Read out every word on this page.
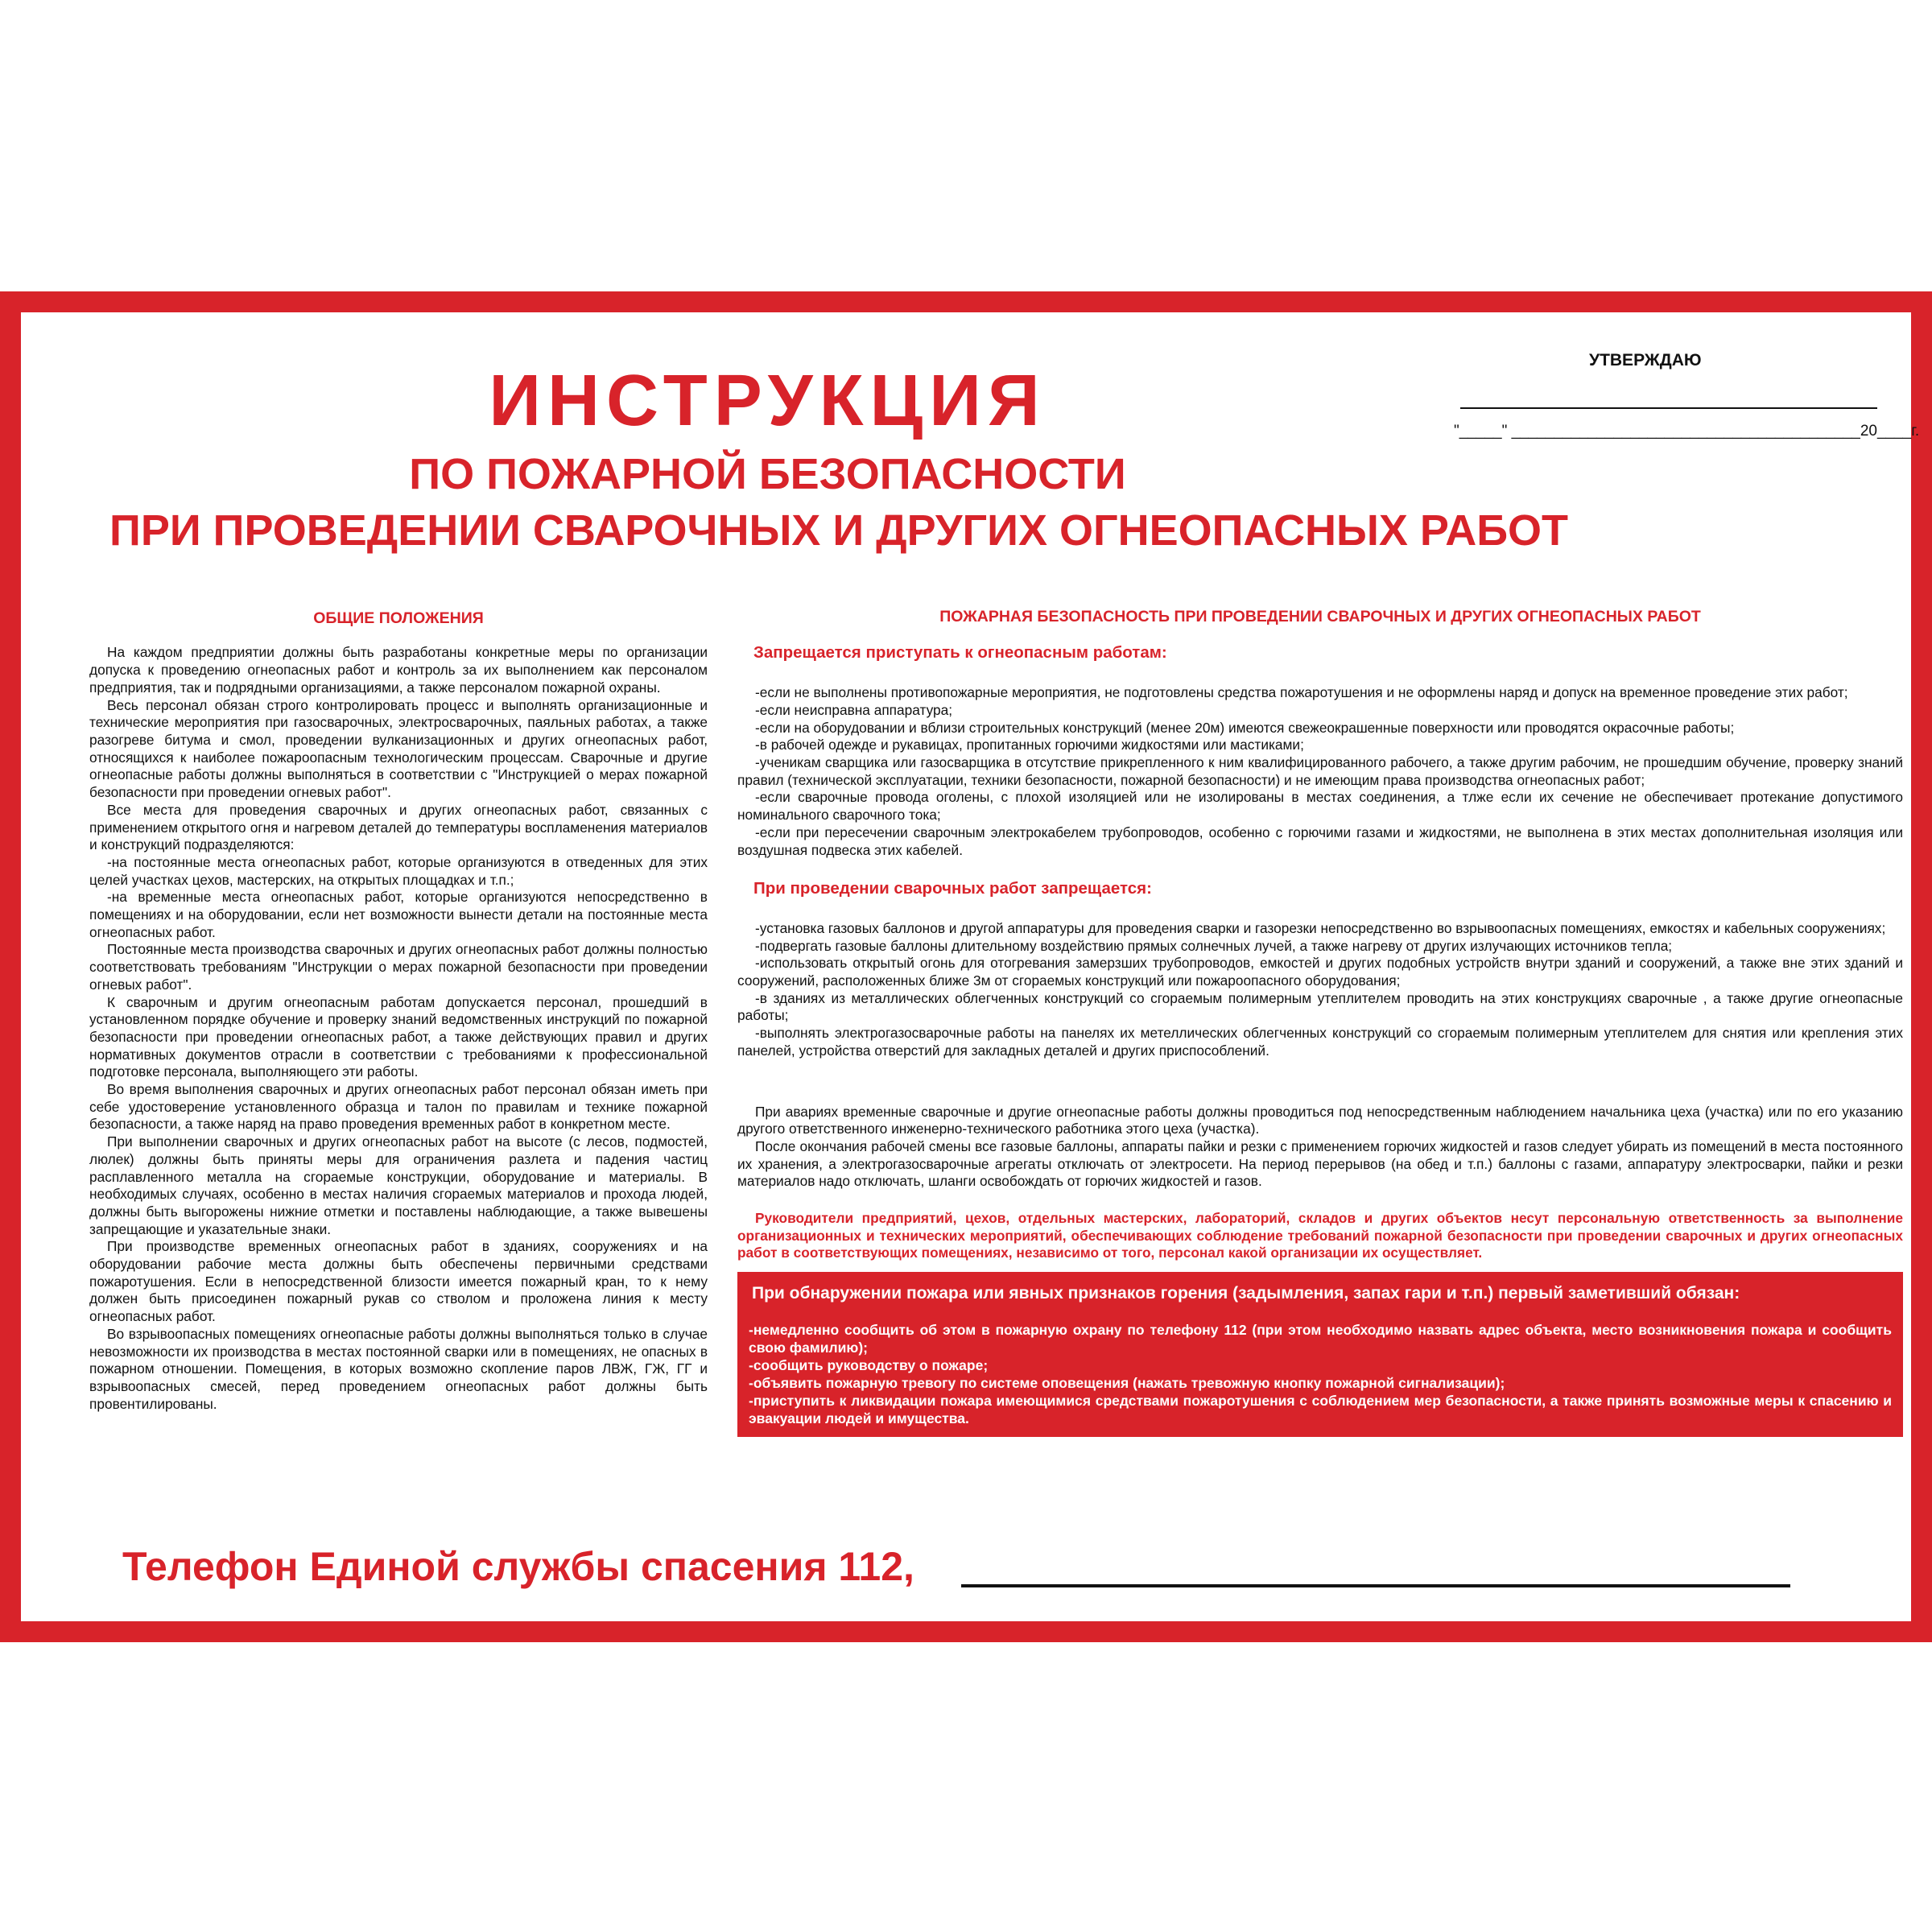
УТВЕРЖДАЮ
"_____" _________________________________________20____г.
ИНСТРУКЦИЯ
ПО ПОЖАРНОЙ БЕЗОПАСНОСТИ
ПРИ ПРОВЕДЕНИИ СВАРОЧНЫХ И ДРУГИХ ОГНЕОПАСНЫХ РАБОТ
ОБЩИЕ ПОЛОЖЕНИЯ

На каждом предприятии должны быть разработаны конкретные меры по организации допуска к проведению огнеопасных работ и контроль за их выполнением как персоналом предприятия, так и подрядными организациями, а также персоналом пожарной охраны.

Весь персонал обязан строго контролировать процесс и выполнять организационные и технические мероприятия при газосварочных, электросварочных, паяльных работах, а также разогреве битума и смол, проведении вулканизационных и других огнеопасных работ, относящихся к наиболее пожароопасным технологическим процессам. Сварочные и другие огнеопасные работы должны выполняться в соответствии с "Инструкцией о мерах пожарной безопасности при проведении огневых работ".

Все места для проведения сварочных и других огнеопасных работ, связанных с применением открытого огня и нагревом деталей до температуры воспламенения материалов и конструкций подразделяются:

-на постоянные места огнеопасных работ, которые организуются в отведенных для этих целей участках цехов, мастерских, на открытых площадках и т.п.;

-на временные места огнеопасных работ, которые организуются непосредственно в помещениях и на оборудовании, если нет возможности вынести детали на постоянные места огнеопасных работ.

Постоянные места производства сварочных и других огнеопасных работ должны полностью соответствовать требованиям "Инструкции о мерах пожарной безопасности при проведении огневых работ".

К сварочным и другим огнеопасным работам допускается персонал, прошедший в установленном порядке обучение и проверку знаний ведомственных инструкций по пожарной безопасности при проведении огнеопасных работ, а также действующих правил и других нормативных документов отрасли в соответствии с требованиями к профессиональной подготовке персонала, выполняющего эти работы.

Во время выполнения сварочных и других огнеопасных работ персонал обязан иметь при себе удостоверение установленного образца и талон по правилам и технике пожарной безопасности, а также наряд на право проведения временных работ в конкретном месте.

При выполнении сварочных и других огнеопасных работ на высоте (с лесов, подмостей, люлек) должны быть приняты меры для ограничения разлета и падения частиц расплавленного металла на сгораемые конструкции, оборудование и материалы. В необходимых случаях, особенно в местах наличия сгораемых материалов и прохода людей, должны быть выгорожены нижние отметки и поставлены наблюдающие, а также вывешены запрещающие и указательные знаки.

При производстве временных огнеопасных работ в зданиях, сооружениях и на оборудовании рабочие места должны быть обеспечены первичными средствами пожаротушения. Если в непосредственной близости имеется пожарный кран, то к нему должен быть присоединен пожарный рукав со стволом и проложена линия к месту огнеопасных работ.

Во взрывоопасных помещениях огнеопасные работы должны выполняться только в случае невозможности их производства в местах постоянной сварки или в помещениях, не опасных в пожарном отношении. Помещения, в которых возможно скопление паров ЛВЖ, ГЖ, ГГ и взрывоопасных смесей, перед проведением огнеопасных работ должны быть провентилированы.

ПОЖАРНАЯ БЕЗОПАСНОСТЬ ПРИ ПРОВЕДЕНИИ СВАРОЧНЫХ И ДРУГИХ ОГНЕОПАСНЫХ РАБОТ
Запрещается приступать к огнеопасным работам:

-если не выполнены противопожарные мероприятия, не подготовлены средства пожаротушения и не оформлены наряд и допуск на временное проведение этих работ;

-если неисправна аппаратура;

-если на оборудовании и вблизи строительных конструкций (менее 20м) имеются свежеокрашенные поверхности или проводятся окрасочные работы;

-в рабочей одежде и рукавицах, пропитанных горючими жидкостями или мастиками;

-ученикам сварщика или газосварщика в отсутствие прикрепленного к ним квалифицированного рабочего, а также другим рабочим, не прошедшим обучение, проверку знаний правил (технической эксплуатации, техники безопасности, пожарной безопасности) и не имеющим права производства огнеопасных работ;

-если сварочные провода оголены, с плохой изоляцией или не изолированы в местах соединения, а тлже если их сечение не обеспечивает протекание допустимого номинального сварочного тока;

-если при пересечении сварочным электрокабелем трубопроводов, особенно с горючими газами и жидкостями, не выполнена в этих местах дополнительная изоляция или воздушная подвеска этих кабелей.

При проведении сварочных работ запрещается:

-установка газовых баллонов и другой аппаратуры для проведения сварки и газорезки непосредственно во взрывоопасных помещениях, емкостях и кабельных сооружениях;

-подвергать газовые баллоны длительному воздействию прямых солнечных лучей, а также нагреву от других излучающих источников тепла;

-использовать открытый огонь для отогревания замерзших трубопроводов, емкостей и других подобных устройств внутри зданий и сооружений, а также вне этих зданий и сооружений, расположенных ближе 3м от сгораемых конструкций или пожароопасного оборудования;

-в зданиях из металлических облегченных конструкций со сгораемым полимерным утеплителем проводить на этих конструкциях сварочные , а также другие огнеопасные работы;

-выполнять электрогазосварочные работы на панелях их метеллических облегченных конструкций со сгораемым полимерным утеплителем для снятия или крепления этих панелей, устройства отверстий для закладных деталей и других приспособлений.

При авариях временные сварочные и другие огнеопасные работы должны проводиться под непосредственным наблюдением начальника цеха (участка) или по его указанию другого ответственного инженерно-технического работника этого цеха (участка).

После окончания рабочей смены все газовые баллоны, аппараты пайки и резки с применением горючих жидкостей и газов следует убирать из помещений в места постоянного их хранения, а электрогазосварочные агрегаты отключать от электросети. На период перерывов (на обед и т.п.) баллоны с газами, аппаратуру электросварки, пайки и резки материалов надо отключать, шланги освобождать от горючих жидкостей и газов.

Руководители предприятий, цехов, отдельных мастерских, лабораторий, складов и других объектов несут персональную ответственность за выполнение организационных и технических мероприятий, обеспечивающих соблюдение требований пожарной безопасности при проведении сварочных и других огнеопасных работ в соответствующих помещениях, независимо от того, персонал какой организации их осуществляет.

При обнаружении пожара или явных признаков горения (задымления, запах гари и т.п.) первый заметивший обязан:

-немедленно сообщить об этом в пожарную охрану по телефону 112 (при этом необходимо назвать адрес объекта, место возникновения пожара и сообщить свою фамилию);

-сообщить руководству о пожаре;

-объявить пожарную тревогу по системе оповещения (нажать тревожную кнопку пожарной сигнализации);

-приступить к ликвидации пожара имеющимися средствами пожаротушения с соблюдением мер безопасности, а также принять возможные меры к спасению и эвакуации людей и имущества.

Телефон Единой службы спасения 112,
